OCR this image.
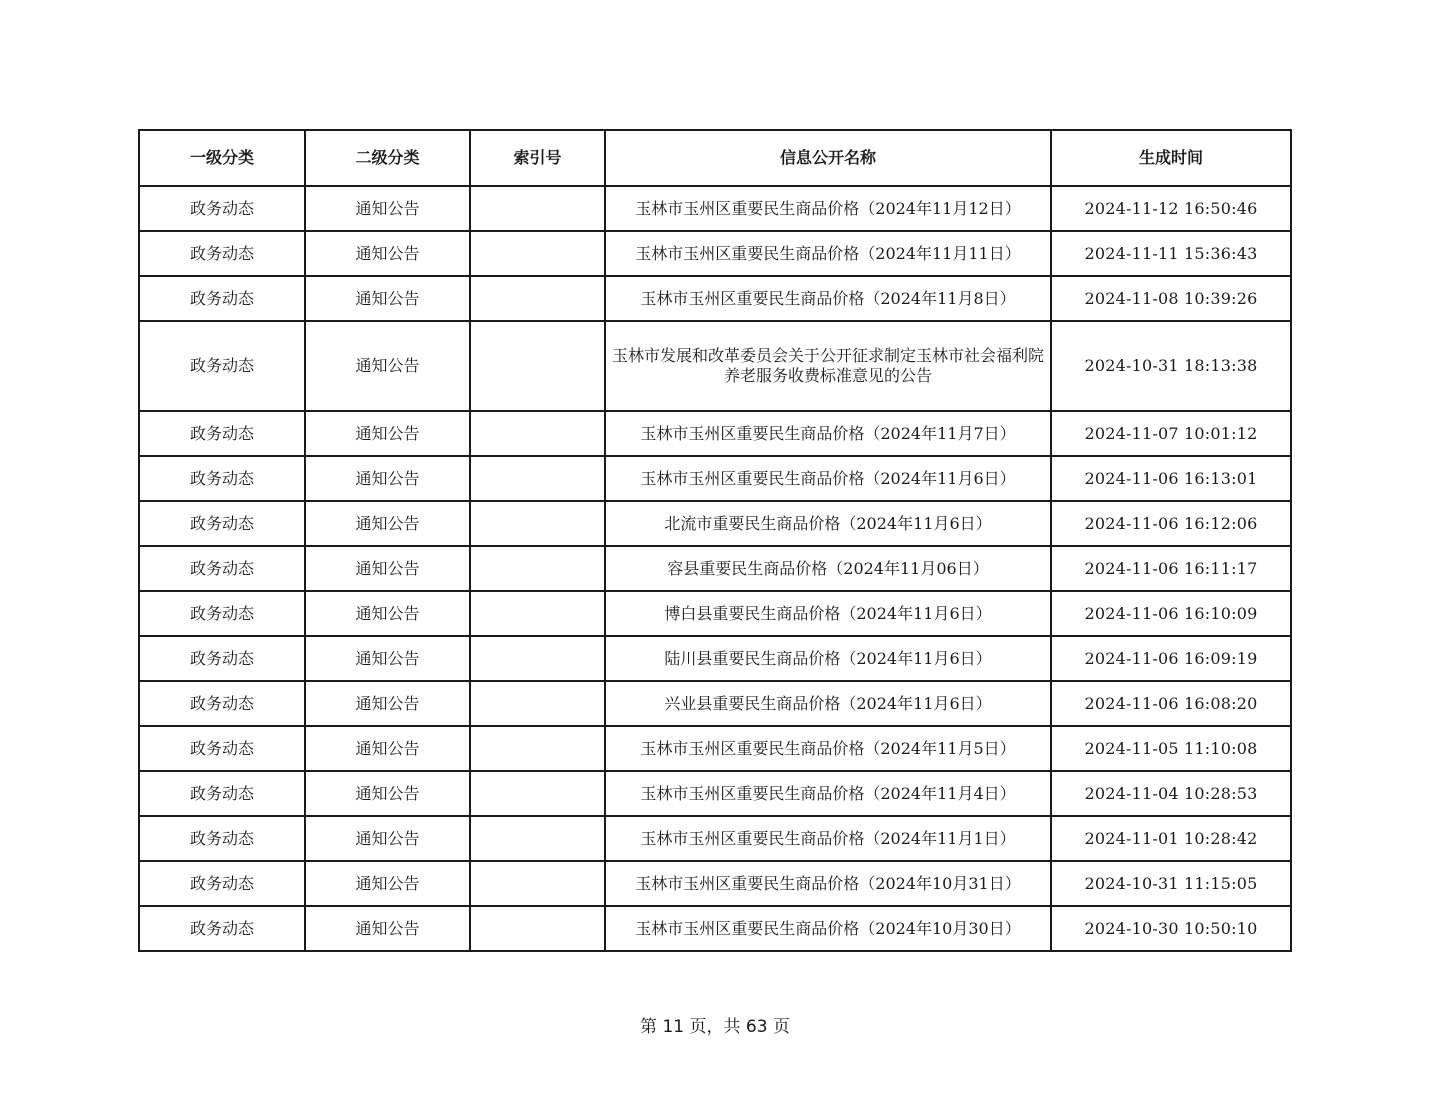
一级分类	二级分类	索引号	信息公开名称	生成时间
政务动态	通知公告		玉林市玉州区重要民生商品价格（2024年11月12日）	2024-11-12 16:50:46
政务动态	通知公告		玉林市玉州区重要民生商品价格（2024年11月11日）	2024-11-11 15:36:43
政务动态	通知公告		玉林市玉州区重要民生商品价格（2024年11月8日）	2024-11-08 10:39:26
政务动态	通知公告		玉林市发展和改革委员会关于公开征求制定玉林市社会福利院养老服务收费标准意见的公告	2024-10-31 18:13:38
政务动态	通知公告		玉林市玉州区重要民生商品价格（2024年11月7日）	2024-11-07 10:01:12
政务动态	通知公告		玉林市玉州区重要民生商品价格（2024年11月6日）	2024-11-06 16:13:01
政务动态	通知公告		北流市重要民生商品价格（2024年11月6日）	2024-11-06 16:12:06
政务动态	通知公告		容县重要民生商品价格（2024年11月06日）	2024-11-06 16:11:17
政务动态	通知公告		博白县重要民生商品价格（2024年11月6日）	2024-11-06 16:10:09
政务动态	通知公告		陆川县重要民生商品价格（2024年11月6日）	2024-11-06 16:09:19
政务动态	通知公告		兴业县重要民生商品价格（2024年11月6日）	2024-11-06 16:08:20
政务动态	通知公告		玉林市玉州区重要民生商品价格（2024年11月5日）	2024-11-05 11:10:08
政务动态	通知公告		玉林市玉州区重要民生商品价格（2024年11月4日）	2024-11-04 10:28:53
政务动态	通知公告		玉林市玉州区重要民生商品价格（2024年11月1日）	2024-11-01 10:28:42
政务动态	通知公告		玉林市玉州区重要民生商品价格（2024年10月31日）	2024-10-31 11:15:05
政务动态	通知公告		玉林市玉州区重要民生商品价格（2024年10月30日）	2024-10-30 10:50:10
第 11 页，共 63 页
